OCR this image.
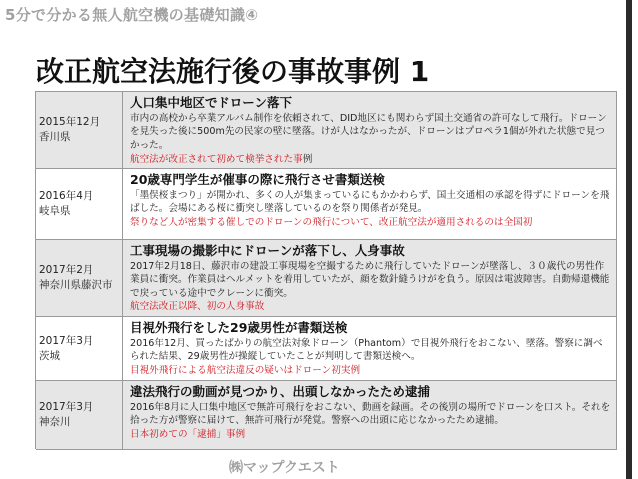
5分で分かる無人航空機の基礎知識④
改正航空法施行後の事故事例 1
2015年12月
香川県
人口集中地区でドローン落下
市内の高校から卒業アルバム制作を依頼されて、DID地区にも関わらず国土交通省の許可なして飛行。ドローンを見失った後に500m先の民家の壁に墜落。けが人はなかったが、ドローンはプロペラ1個が外れた状態で見つかった。
航空法が改正されて初めて検挙された事例
2016年4月
岐阜県
20歳専門学生が催事の際に飛行させ書類送検
「墨俣桜まつり」が開かれ、多くの人が集まっているにもかかわらず、国土交通相の承認を得ずにドローンを飛ばした。会場にある桜に衝突し墜落しているのを祭り関係者が発見。
祭りなど人が密集する催しでのドローンの飛行について、改正航空法が適用されるのは全国初
2017年2月
神奈川県藤沢市
工事現場の撮影中にドローンが落下し、人身事故
2017年2月18日、藤沢市の建設工事現場を空撮するために飛行していたドローンが墜落し、３０歳代の男性作業員に衝突。作業員はヘルメットを着用していたが、顔を数針縫うけがを負う。原因は電波障害。自動帰還機能で戻っている途中でクレーンに衝突。
航空法改正以降、初の人身事故
2017年3月
茨城
目視外飛行をした29歳男性が書類送検
2016年12月、買ったばかりの航空法対象ドローン（Phantom）で目視外飛行をおこない、墜落。警察に調べられた結果、29歳男性が操縦していたことが判明して書類送検へ。
目視外飛行による航空法違反の疑いはドローン初実例
2017年3月
神奈川
違法飛行の動画が見つかり、出頭しなかったため逮捕
2016年8月に人口集中地区で無許可飛行をおこない、動画を録画。その後別の場所でドローンを口スト。それを拾った方が警察に届けて、無許可飛行が発覚。警察への出頭に応じなかったため逮捕。
日本初めての「逮捕」事例
㈱マップクエスト
